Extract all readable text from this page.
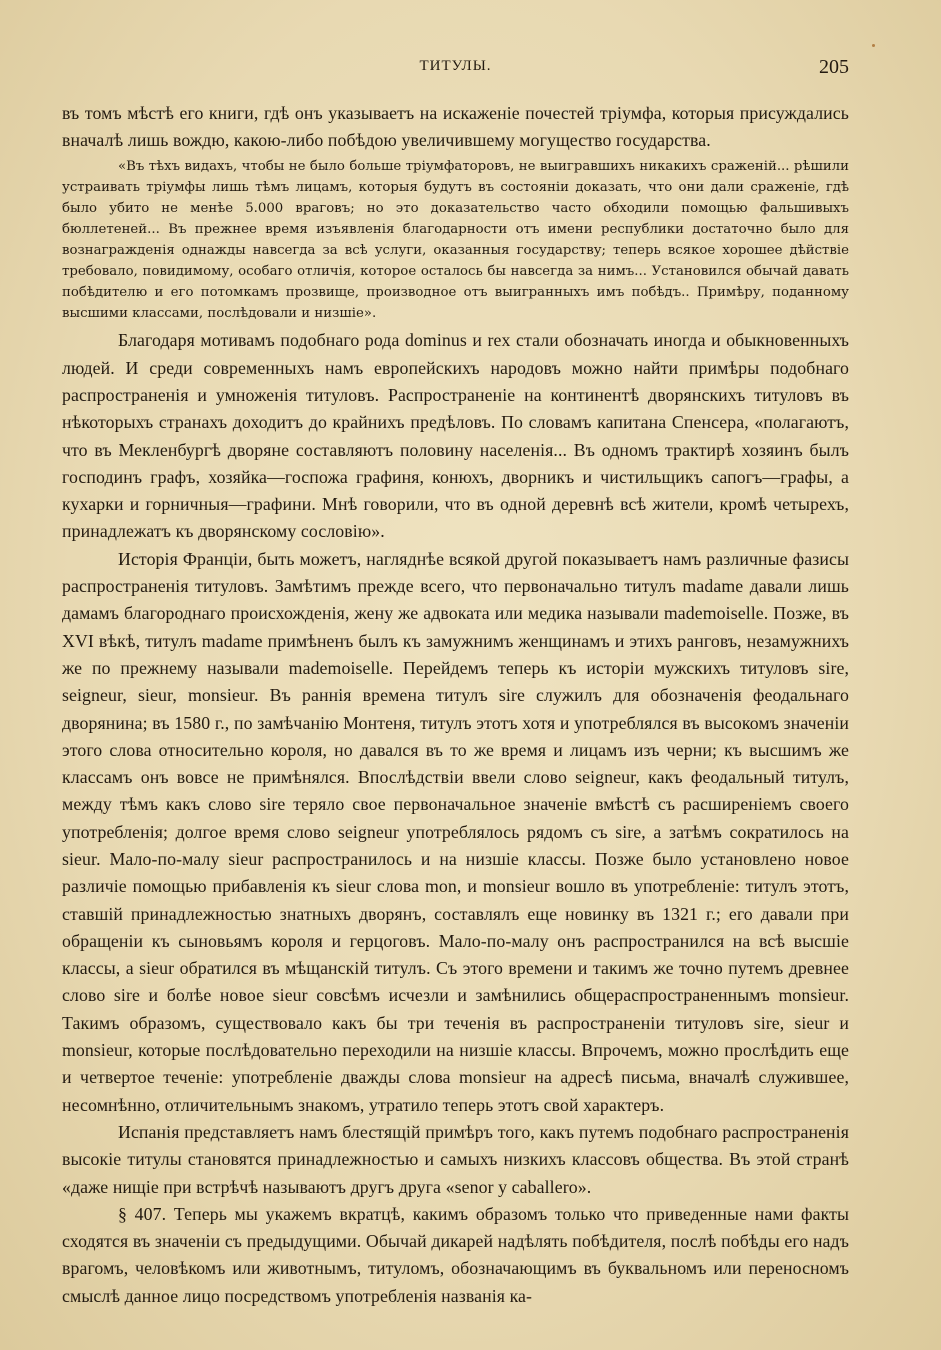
ТИТУЛЫ.	205

въ томъ мѣстѣ его книги, гдѣ онъ указываетъ на искаженіе почестей тріумфа, которыя присуждались вначалѣ лишь вождю, какою-либо побѣдою увеличившему могущество государства.

«Въ тѣхъ видахъ, чтобы не было больше тріумфаторовъ, не выигравшихъ никакихъ сраженій... рѣшили устраивать тріумфы лишь тѣмъ лицамъ, которыя будутъ въ состояніи доказать, что они дали сраженіе, гдѣ было убито не менѣе 5.000 враговъ; но это доказательство часто обходили помощью фальшивыхъ бюллетеней... Въ прежнее время изъявленія благодарности отъ имени республики достаточно было для вознагражденія однажды навсегда за всѣ услуги, оказанныя государству; теперь всякое хорошее дѣйствіе требовало, повидимому, особаго отличія, которое осталось бы навсегда за нимъ... Установился обычай давать побѣдителю и его потомкамъ прозвище, производное отъ выигранныхъ имъ побѣдъ.. Примѣру, поданному высшими классами, послѣдовали и низшіе».

Благодаря мотивамъ подобнаго рода dominus и rex стали обозначать иногда и обыкновенныхъ людей. И среди современныхъ намъ европейскихъ народовъ можно найти примѣры подобнаго распространенія и умноженія титуловъ. Распространеніе на континентѣ дворянскихъ титуловъ въ нѣкоторыхъ странахъ доходитъ до крайнихъ предѣловъ. По словамъ капитана Спенсера, «полагаютъ, что въ Мекленбургѣ дворяне составляютъ половину населенія... Въ одномъ трактирѣ хозяинъ былъ господинъ графъ, хозяйка—госпожа графиня, конюхъ, дворникъ и чистильщикъ сапогъ—графы, а кухарки и горничныя—графини. Мнѣ говорили, что въ одной деревнѣ всѣ жители, кромѣ четырехъ, принадлежатъ къ дворянскому сословію».

Исторія Франціи, быть можетъ, нагляднѣе всякой другой показываетъ намъ различные фазисы распространенія титуловъ. Замѣтимъ прежде всего, что первоначально титулъ madame давали лишь дамамъ благороднаго происхожденія, жену же адвоката или медика называли mademoiselle. Позже, въ XVI вѣкѣ, титулъ madame примѣненъ былъ къ замужнимъ женщинамъ и этихъ ранговъ, незамужнихъ же по прежнему называли mademoiselle. Перейдемъ теперь къ исторіи мужскихъ титуловъ sire, seigneur, sieur, monsieur. Въ раннія времена титулъ sire служилъ для обозначенія феодальнаго дворянина; въ 1580 г., по замѣчанію Монтеня, титулъ этотъ хотя и употреблялся въ высокомъ значеніи этого слова относительно короля, но давался въ то же время и лицамъ изъ черни; къ высшимъ же классамъ онъ вовсе не примѣнялся. Впослѣдствіи ввели слово seigneur, какъ феодальный титулъ, между тѣмъ какъ слово sire теряло свое первоначальное значеніе вмѣстѣ съ расширеніемъ своего употребленія; долгое время слово seigneur употреблялось рядомъ съ sire, а затѣмъ сократилось на sieur. Мало-по-малу sieur распространилось и на низшіе классы. Позже было установлено новое различіе помощью прибавленія къ sieur слова mon, и monsieur вошло въ употребленіе: титулъ этотъ, ставшій принадлежностью знатныхъ дворянъ, составлялъ еще новинку въ 1321 г.; его давали при обращеніи къ сыновьямъ короля и герцоговъ. Мало-по-малу онъ распространился на всѣ высшіе классы, а sieur обратился въ мѣщанскій титулъ. Съ этого времени и такимъ же точно путемъ древнее слово sire и болѣе новое sieur совсѣмъ исчезли и замѣнились общераспространеннымъ monsieur. Такимъ образомъ, существовало какъ бы три теченія въ распространеніи титуловъ sire, sieur и monsieur, которые послѣдовательно переходили на низшіе классы. Впрочемъ, можно прослѣдить еще и четвертое теченіе: употребленіе дважды слова monsieur на адресѣ письма, вначалѣ служившее, несомнѣнно, отличительнымъ знакомъ, утратило теперь этотъ свой характеръ.

Испанія представляетъ намъ блестящій примѣръ того, какъ путемъ подобнаго распространенія высокіе титулы становятся принадлежностью и самыхъ низкихъ классовъ общества. Въ этой странѣ «даже нищіе при встрѣчѣ называютъ другъ друга «senor y caballero».

§ 407. Теперь мы укажемъ вкратцѣ, какимъ образомъ только что приведенные нами факты сходятся въ значеніи съ предыдущими. Обычай дикарей надѣлять побѣдителя, послѣ побѣды его надъ врагомъ, человѣкомъ или животнымъ, титуломъ, обозначающимъ въ буквальномъ или переносномъ смыслѣ данное лицо посредствомъ употребленія названія ка-
